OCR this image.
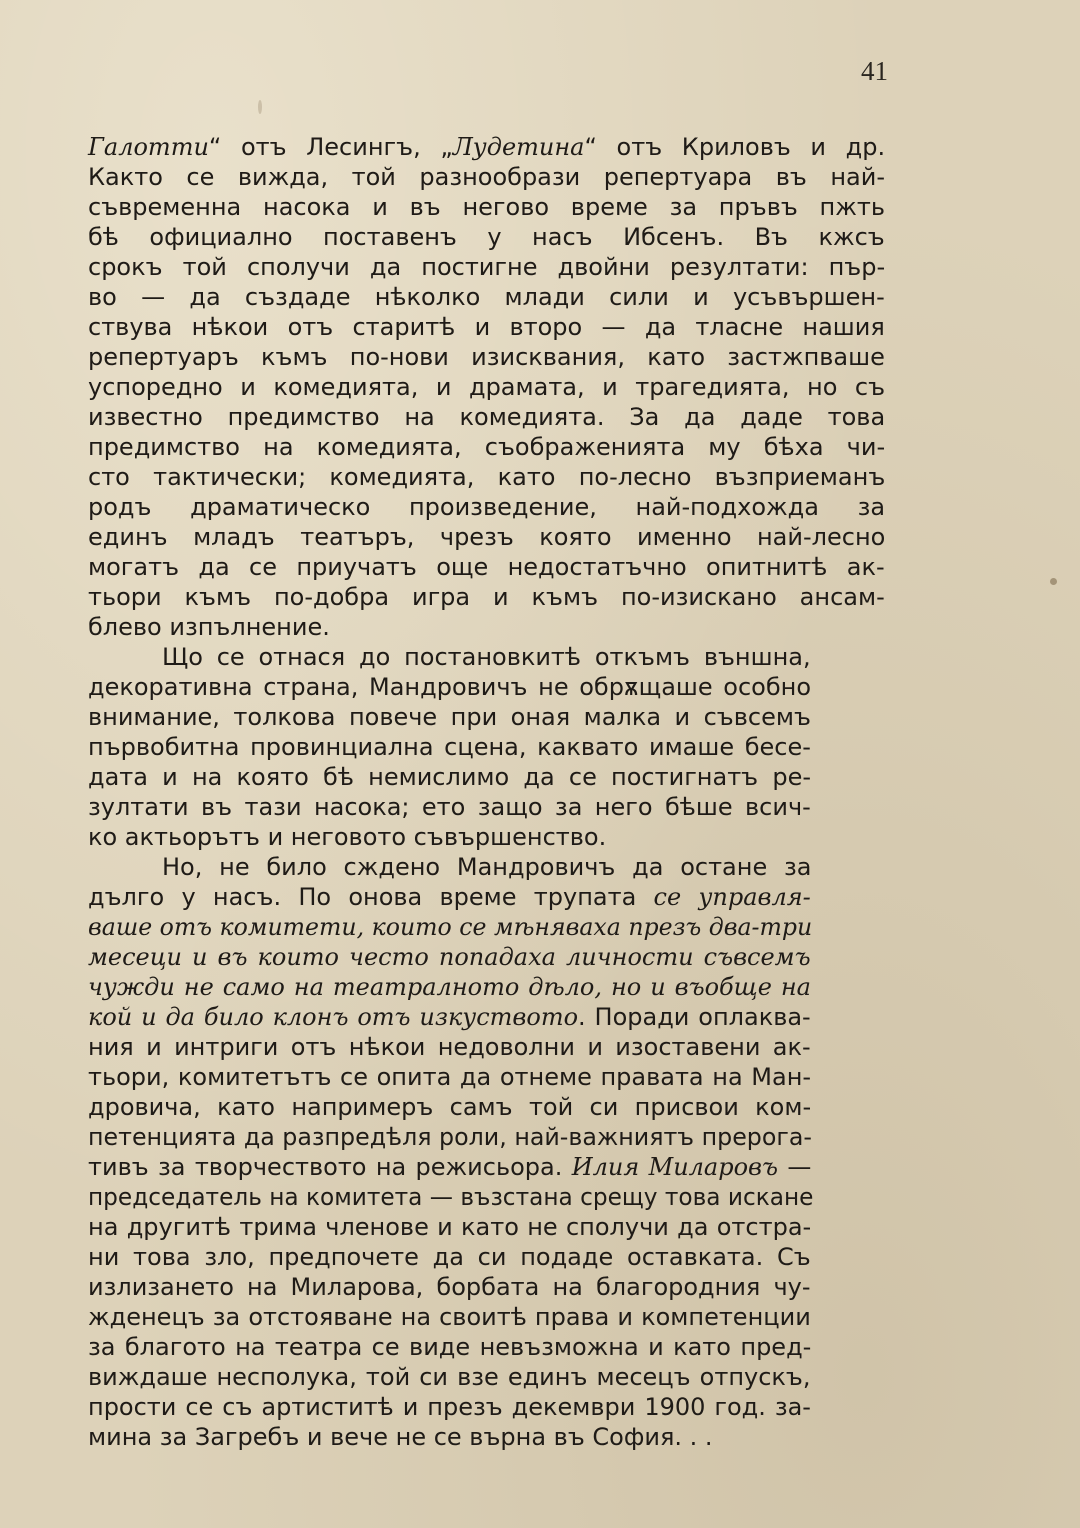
41
Галотти“ отъ Лесингъ, „Лудетина“ отъ Криловъ и др.
Както се вижда, той разнообрази репертуара въ най-
съвременна насока и въ негово време за пръвъ пжть
бѣ официално поставенъ у насъ Ибсенъ. Въ кжсъ
срокъ той сполучи да постигне двойни резултати: пър-
во — да създаде нѣколко млади сили и усъвършен-
ствува нѣкои отъ старитѣ и второ — да тласне нашия
репертуаръ къмъ по-нови изисквания, като застжпваше
успоредно и комедията, и драмата, и трагедията, но съ
известно предимство на комедията. За да даде това
предимство на комедията, съображенията му бѣха чи-
сто тактически; комедията, като по-лесно възприеманъ
родъ драматическо произведение, най-подхожда за
единъ младъ театъръ, чрезъ която именно най-лесно
могатъ да се приучатъ още недостатъчно опитнитѣ ак-
тьори къмъ по-добра игра и къмъ по-изискано ансам-
блево изпълнение.
Що се отнася до постановкитѣ откъмъ външна,
декоративна страна, Мандровичъ не обрѫщаше особно
внимание, толкова повече при оная малка и съвсемъ
първобитна провинциална сцена, каквато имаше бесе-
дата и на която бѣ немислимо да се постигнатъ ре-
зултати въ тази насока; ето защо за него бѣше всич-
ко актьорътъ и неговото съвършенство.
Но, не било сждено Мандровичъ да остане за
дълго у насъ. По онова време трупата се управля-
ваше отъ комитети, които се мѣняваха презъ два-три
месеци и въ които често попадаха личности съвсемъ
чужди не само на театралното дѣло, но и въобще на
кой и да било клонъ отъ изкуството. Поради оплаква-
ния и интриги отъ нѣкои недоволни и изоставени ак-
тьори, комитетътъ се опита да отнеме правата на Ман-
дровича, като напримеръ самъ той си присвои ком-
петенцията да разпредѣля роли, най-важниятъ прерога-
тивъ за творчеството на режисьора. Илия Миларовъ —
председатель на комитета — възстана срещу това искане
на другитѣ трима членове и като не сполучи да отстра-
ни това зло, предпочете да си подаде оставката. Съ
излизането на Миларова, борбата на благородния чу-
жденецъ за отстояване на своитѣ права и компетенции
за благото на театра се виде невъзможна и като пред-
виждаше несполука, той си взе единъ месецъ отпускъ,
прости се съ артиститѣ и презъ декември 1900 год. за-
мина за Загребъ и вече не се върна въ София. . .
